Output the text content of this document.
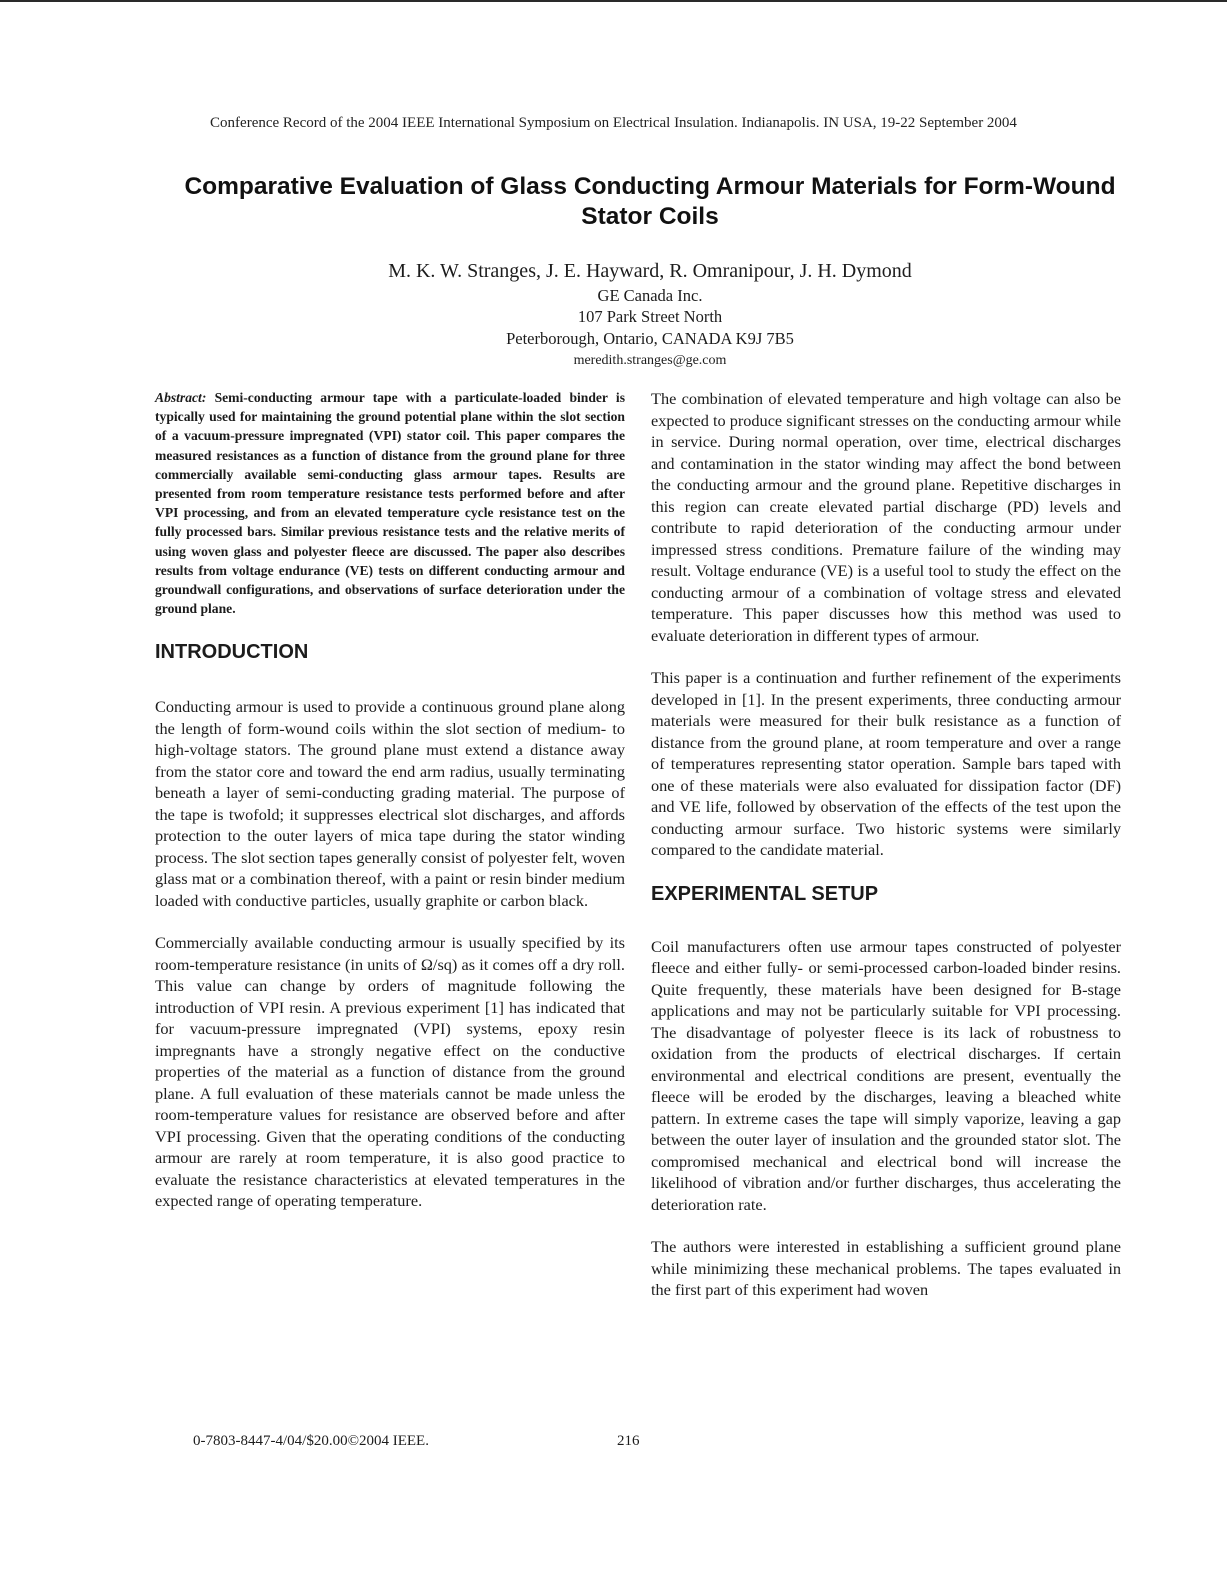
Conference Record of the 2004 IEEE International Symposium on Electrical Insulation. Indianapolis. IN USA, 19-22 September 2004
Comparative Evaluation of Glass Conducting Armour Materials for Form-Wound Stator Coils
M. K. W. Stranges, J. E. Hayward, R. Omranipour, J. H. Dymond
GE Canada Inc.
107 Park Street North
Peterborough, Ontario, CANADA K9J 7B5
meredith.stranges@ge.com
Abstract: Semi-conducting armour tape with a particulate-loaded binder is typically used for maintaining the ground potential plane within the slot section of a vacuum-pressure impregnated (VPI) stator coil. This paper compares the measured resistances as a function of distance from the ground plane for three commercially available semi-conducting glass armour tapes. Results are presented from room temperature resistance tests performed before and after VPI processing, and from an elevated temperature cycle resistance test on the fully processed bars. Similar previous resistance tests and the relative merits of using woven glass and polyester fleece are discussed. The paper also describes results from voltage endurance (VE) tests on different conducting armour and groundwall configurations, and observations of surface deterioration under the ground plane.
INTRODUCTION

Conducting armour is used to provide a continuous ground plane along the length of form-wound coils within the slot section of medium- to high-voltage stators. The ground plane must extend a distance away from the stator core and toward the end arm radius, usually terminating beneath a layer of semi-conducting grading material. The purpose of the tape is twofold; it suppresses electrical slot discharges, and affords protection to the outer layers of mica tape during the stator winding process. The slot section tapes generally consist of polyester felt, woven glass mat or a combination thereof, with a paint or resin binder medium loaded with conductive particles, usually graphite or carbon black.

Commercially available conducting armour is usually specified by its room-temperature resistance (in units of Ω/sq) as it comes off a dry roll. This value can change by orders of magnitude following the introduction of VPI resin. A previous experiment [1] has indicated that for vacuum-pressure impregnated (VPI) systems, epoxy resin impregnants have a strongly negative effect on the conductive properties of the material as a function of distance from the ground plane. A full evaluation of these materials cannot be made unless the room-temperature values for resistance are observed before and after VPI processing. Given that the operating conditions of the conducting armour are rarely at room temperature, it is also good practice to evaluate the resistance characteristics at elevated temperatures in the expected range of operating temperature.

The combination of elevated temperature and high voltage can also be expected to produce significant stresses on the conducting armour while in service. During normal operation, over time, electrical discharges and contamination in the stator winding may affect the bond between the conducting armour and the ground plane. Repetitive discharges in this region can create elevated partial discharge (PD) levels and contribute to rapid deterioration of the conducting armour under impressed stress conditions. Premature failure of the winding may result. Voltage endurance (VE) is a useful tool to study the effect on the conducting armour of a combination of voltage stress and elevated temperature. This paper discusses how this method was used to evaluate deterioration in different types of armour.

This paper is a continuation and further refinement of the experiments developed in [1]. In the present experiments, three conducting armour materials were measured for their bulk resistance as a function of distance from the ground plane, at room temperature and over a range of temperatures representing stator operation. Sample bars taped with one of these materials were also evaluated for dissipation factor (DF) and VE life, followed by observation of the effects of the test upon the conducting armour surface. Two historic systems were similarly compared to the candidate material.

EXPERIMENTAL SETUP

Coil manufacturers often use armour tapes constructed of polyester fleece and either fully- or semi-processed carbon-loaded binder resins. Quite frequently, these materials have been designed for B-stage applications and may not be particularly suitable for VPI processing. The disadvantage of polyester fleece is its lack of robustness to oxidation from the products of electrical discharges. If certain environmental and electrical conditions are present, eventually the fleece will be eroded by the discharges, leaving a bleached white pattern. In extreme cases the tape will simply vaporize, leaving a gap between the outer layer of insulation and the grounded stator slot. The compromised mechanical and electrical bond will increase the likelihood of vibration and/or further discharges, thus accelerating the deterioration rate.

The authors were interested in establishing a sufficient ground plane while minimizing these mechanical problems. The tapes evaluated in the first part of this experiment had woven

0-7803-8447-4/04/$20.00©2004 IEEE.	216
